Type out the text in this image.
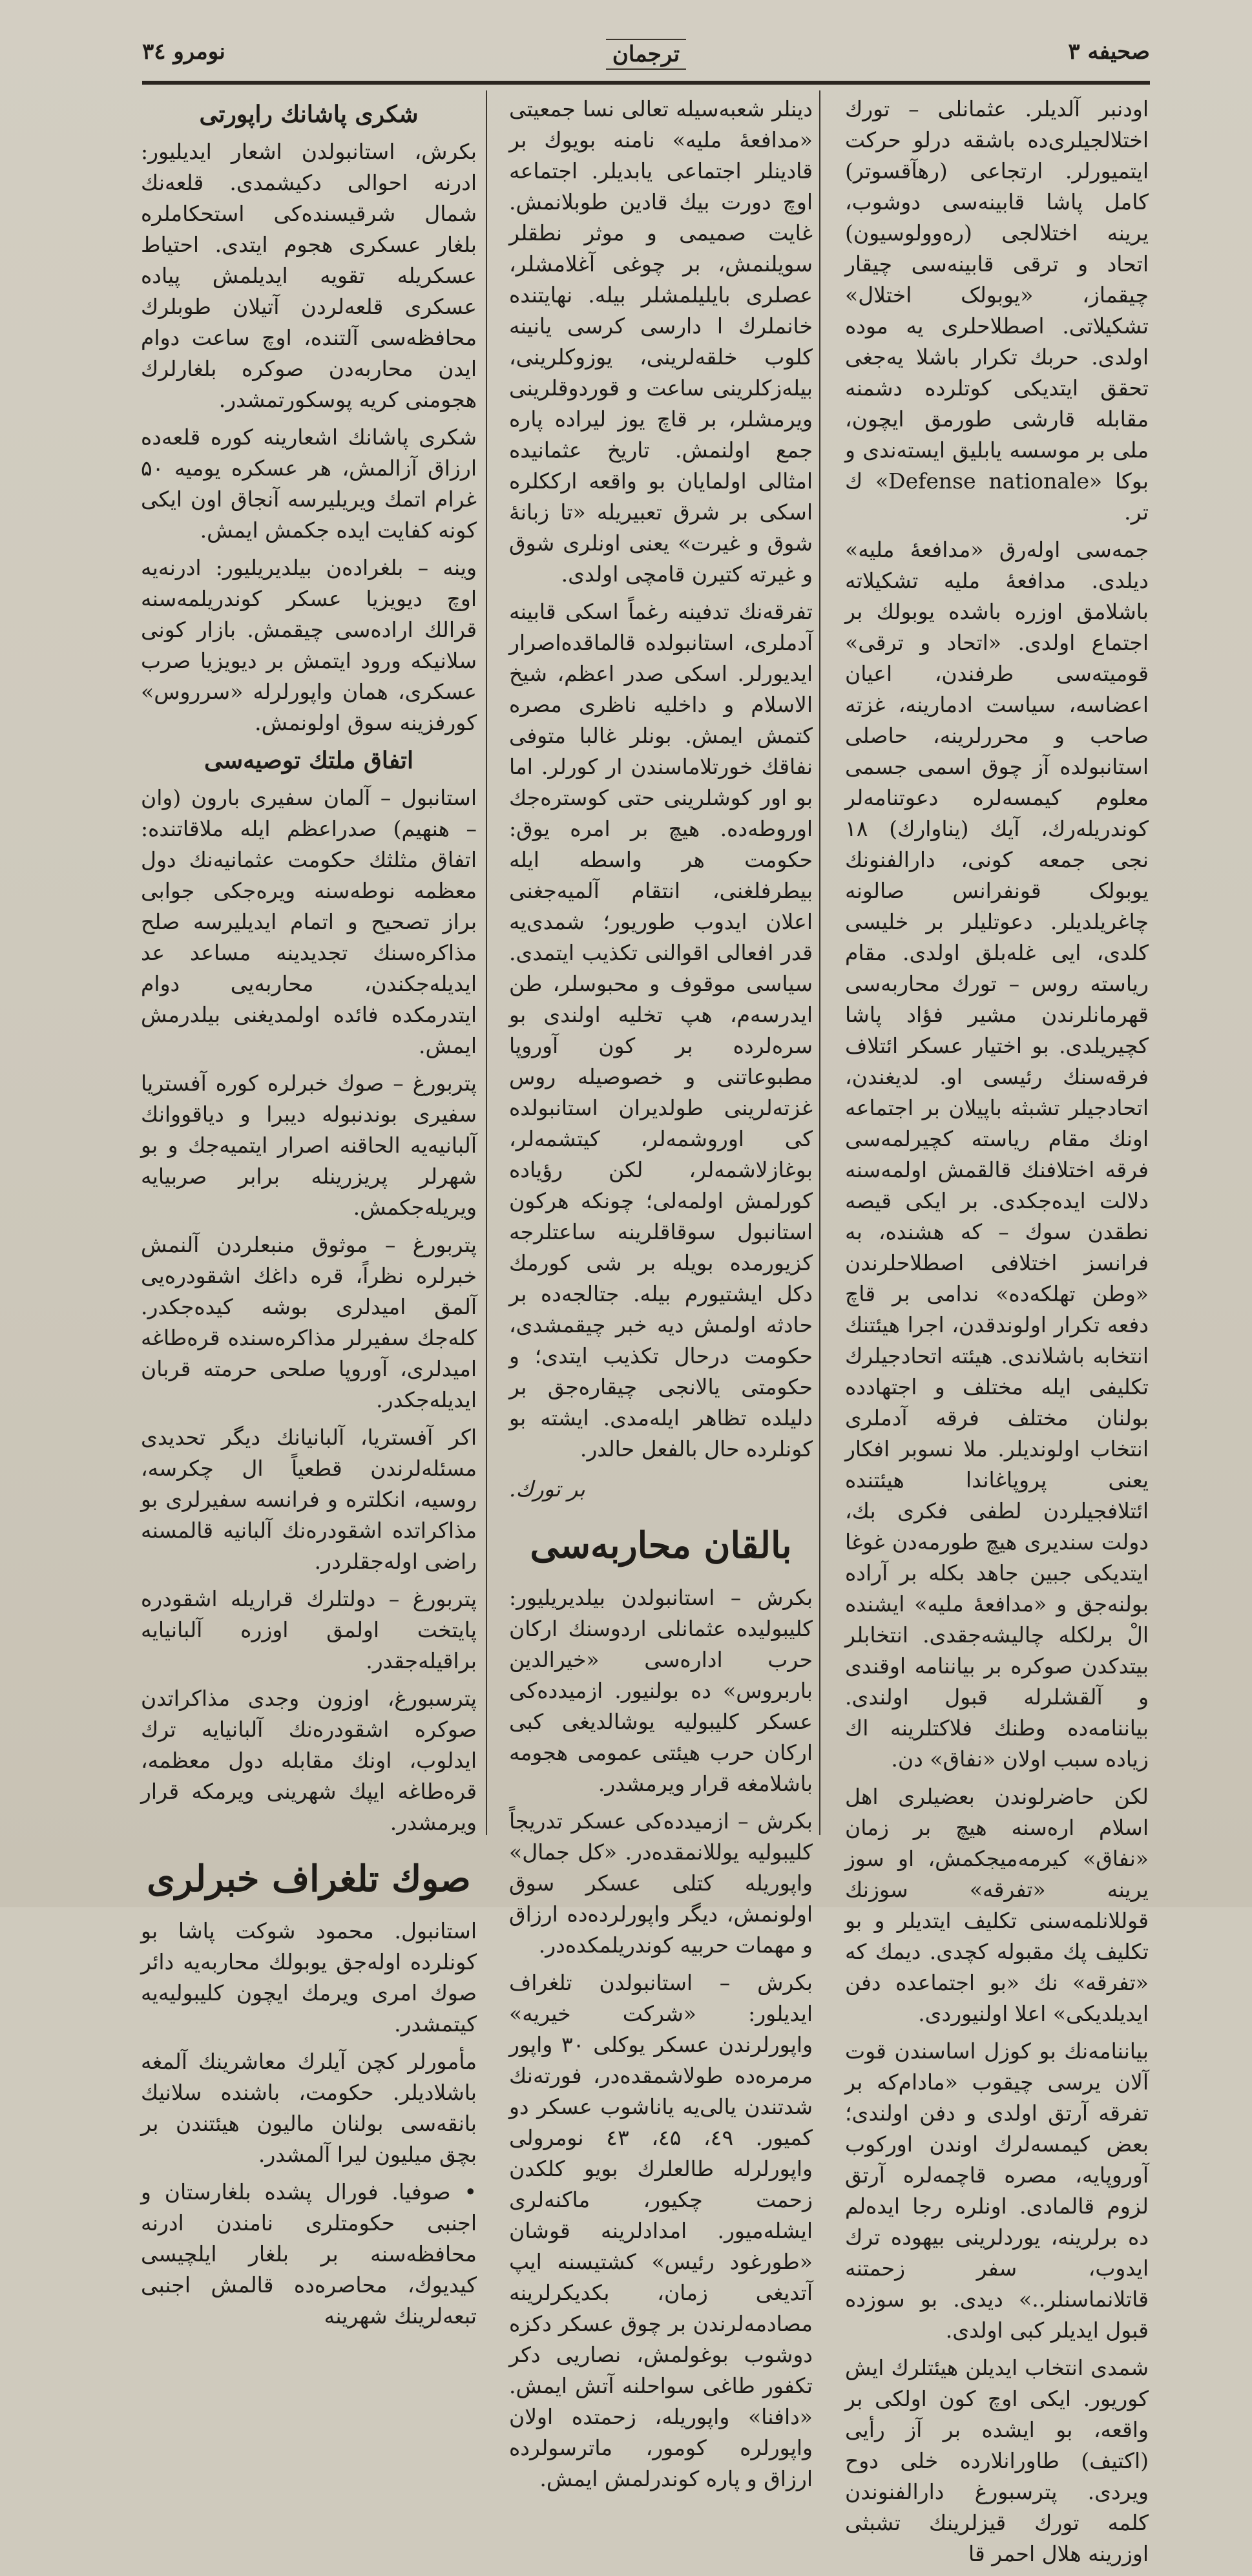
صحیفه ۳
ترجمان
نومرو ۳٤

اودنبر آلدیلر. عثمانلی – تورك اختلالجیلری‌ده باشقه درلو حرکت ایتمیورلر. ارتجاعی (رهآقسوتر) کامل پاشا قابینه‌سی دوشوب، یرینه اختلالجی (رەوولوسیون) اتحاد و ترقی قابینه‌سی چیقار چیقماز، «یوبولک اختلال» تشکیلاتی. اصطلاحلری یه موده اولدی. حربك تکرار باشلا یه‌جغی تحقق ایتدیکی کوتلرده دشمنه مقابله قارشی طورمق ایچون، ملی بر موسسه یابلیق ایسته‌ندی و بوکا «Defense nationale» ك تر.

جمه‌سی اولەرق «مدافعهٔ ملیه» دیلدی. مدافعهٔ ملیه تشکیلاته باشلامق اوزره باشده یوبولك بر اجتماع اولدی. «اتحاد و ترقی» قومیته‌سی طرفندن، اعیان اعضاسه، سیاست ادمارینه، غزته صاحب و محررلرینه، حاصلی استانبولده آز چوق اسمی جسمی معلوم کیمسەلره دعوتنامەلر کوندریلەرك، آیك (یناوارك) ۱۸ نجی جمعه کونی، دارالفنونك یوبولک قونفرانس صالونه چاغریلدیلر. دعوتلیلر بر خلیسی کلدی، ایی غلەبلق اولدی. مقام ریاسته روس – تورك محاربەسی قهرمانلرندن مشیر فؤاد پاشا کچیریلدی. بو اختیار عسکر ائتلاف فرقەسنك رئیسی او. لدیغندن، اتحادجیلر تشبثه باپیلان بر اجتماعه اونك مقام ریاسته کچیرلمه‌سی فرقه اختلافنك قالقمش اولمەسنه دلالت ایدەجکدی. بر ایکی قیصه نطقدن سوك – که هشنده، به فرانسز اختلافی اصطلاحلرندن «وطن تهلکه‌ده» ندامی بر قاچ دفعه تکرار اولوندقدن، اجرا هیئتنك انتخابه باشلاندی. هیئته اتحادجیلرك تکلیفی ایله مختلف و اجتهادده بولنان مختلف فرقه آدملری انتخاب اولوندیلر. ملا نسوبر افکار یعنی پروپاغاندا هیئتنده ائتلافجیلردن لطفی فکری بك، دولت سندیری هیچ طورمەدن غوغا ایتدیکی جبین جاهد بکله بر آرادە بولنەجق و «مدافعهٔ ملیه» ایشنده الْ برلکله چالیشه‌جقدی. انتخابلر بیتدکدن صوکره بر بیاننامه اوقندی و آلقشلرله قبول اولندی. بیاننامه‌ده وطنك فلاکتلرینه اك زیاده سبب اولان «نفاق» دن.

لکن حاضرلوندن بعضیلری اهل اسلام ارەسنه هیچ بر زمان «نفاق» کیرمه‌میجکمش، او سوز یرینه «تفرقه» سوزنك قوللانلمەسنی تکلیف ایتدیلر و بو تکلیف پك مقبوله کچدی. دیمك که «تفرقه» نك «بو اجتماعده دفن ایدیلدیکی» اعلا اولنیوردی.

بیاننامەنك بو کوزل اساسندن قوت آلان یرسی چیقوب «مادام‌که بر تفرقه آرتق اولدی و دفن اولندی؛ بعض کیمسەلرك اوندن اورکوب آوروپایه، مصره قاچمەلره آرتق لزوم قالمادی. اونلره رجا ایدەلم ده برلرینه، یوردلرینی بیهوده ترك ایدوب، سفر زحمتنه قاتلانماسنلر..» دیدی. بو سوزده قبول ایدیلر کبی اولدی.

شمدی انتخاب ایدیلن هیئتلرك ایش کوریور. ایکی اوچ کون اولکی بر واقعه، بو ایشده بر آز رأیی (اکتیف) طاورانلارده خلی دوح ویردی. پترسبورغ دارالفنوندن کلمه تورك قیزلرینك تشبثی اوزرینه هلال احمر قا

دینلر شعبەسیله تعالی نسا جمعیتی «مدافعهٔ ملیه» نامنه بویوك بر قادینلر اجتماعی یابدیلر. اجتماعه اوچ دورت بیك قادین طوبلانمش. غایت صمیمی و موثر نطقلر سویلنمش، بر چوغی آغلامشلر، عصلری بایلیلمشلر بیله. نهایتنده خانملرك ا دارسی کرسی یانینه کلوب خلقەلرینی، یوزوکلرینی، بیلەزکلرینی ساعت و قوردوقلرینی ویرمشلر، بر قاچ یوز لیرادە پاره جمع اولنمش. تاریخ عثمانیده امثالی اولمایان بو واقعه ارککلره اسکی بر شرق تعبیریله «تا زبانهٔ شوق و غیرت» یعنی اونلری شوق و غیرته کتیرن قامچی اولدی.

تفرقەنك تدفینه رغماً اسکی قابینه آدملری، استانبولده قالماقده‌اصرار ایدیورلر. اسکی صدر اعظم، شیخ الاسلام و داخلیه ناظری مصره کتمش ایمش. بونلر غالبا متوفی نفاقك خورتلاماسندن ار کورلر. اما بو اور کوشلرینی حتی کوستره‌جك اوروطه‌ده. هیچ بر امره یوق: حکومت هر واسطه ایله بیطرفلغنی، انتقام آلمیه‌جغنی اعلان ایدوب طوریور؛ شمدی‌یه قدر افعالی اقوالنی تکذیب ایتمدی. سیاسی موقوف و محبوسلر، طن ایدرسەم، هپ تخلیه اولندی بو سرەلرده بر کون آوروپا مطبوعاتنی و خصوصیله روس غزته‌لرینی طولدیران استانبولده کی اوروشمەلر، کیتشمەلر، بوغازلاشمەلر، لکن رؤیاده کورلمش اولمەلی؛ چونکه هرکون استانبول سوقاقلرینه ساعتلرجه کزیورمده بویله بر شی کورمك دکل ایشتیورم بیله. جتالجه‌ده بر حادثه اولمش دیه خبر چیقمشدی، حکومت درحال تکذیب ایتدی؛ و حکومتی یالانجی چیقارەجق بر دلیلده تظاهر ایله‌مدی. ایشته بو کونلرده حال بالفعل حالدر.

بر تورك.
بالقان محاربەسی

بکرش – استانبولدن بیلدیریلیور: کلیبولیده عثمانلی اردوسنك ارکان حرب ادارەسی «خیرالدین باربروس» ده بولنیور. ازمیدده‌کی عسکر کلیبولیه یوشالدیغی کبی ارکان حرب هیئتی عمومی هجومه باشلامغه قرار ویرمشدر.

بکرش – ازمیدده‌کی عسکر تدریجاً کلیبولیه یوللانمقده‌در. «کل جمال» واپوریله کتلی عسکر سوق اولونمش، دیگر واپورلرده‌ده ارزاق و مهمات حربیه کوندریلمکده‌در.

بکرش – استانبولدن تلغراف ایدیلور: «شرکت خیریه» واپورلرندن عسکر یوکلی ۳۰ واپور مرمره‌ده طولاشمقده‌در، فورته‌نك شدتندن یالی‌یه یاناشوب عسکر دو کمیور. ٤۹، ٤۵، ٤۳ نومرولی واپورلرله طالعلرك بویو کلکدن زحمت چکیور، ماکنەلری ایشله‌میور. امدادلرینه قوشان «طورغود رئیس» کشتیسنه ایپ آتدیغی زمان، بکدیکرلرینه مصادمه‌لرندن بر چوق عسکر دکزه دوشوب بوغولمش، نصاریی دکر تکفور طاغی سواحلنه آتش ایمش. «دافنا» واپوریله، زحمتده اولان واپورلره کومور، ماترسولرده ارزاق و پاره کوندرلمش ایمش.

شکری پاشانك راپورتی

بکرش، استانبولدن اشعار ایدیلیور: ادرنه احوالی دکیشمدی. قلعه‌نك شمال شرقیسنده‌کی استحکاملره بلغار عسکری هجوم ایتدی. احتیاط عسکریله تقویه ایدیلمش پیاده عسکری قلعەلردن آتیلان طوبلرك محافظەسی آلتنده، اوچ ساعت دوام ایدن محاربەدن صوکره بلغارلرك هجومنی کریه پوسکورتمشدر.

شکری پاشانك اشعارینه کوره قلعه‌ده ارزاق آزالمش، هر عسکره یومیه ۵۰ غرام اتمك ویریلیرسه آنجاق اون ایکی کونه کفایت ایده جکمش ایمش.

وینه – بلغرادەن بیلدیریلیور: ادرنه‌یه اوچ دیویزیا عسکر کوندریلمەسنه قرالك ارادەسی چیقمش. بازار کونی سلانیکه ورود ایتمش بر دیویزیا صرب عسکری، همان واپورلرله «سرروس» کورفزینه سوق اولونمش.

اتفاق ملتك توصیه‌سی

استانبول – آلمان سفیری بارون (وان – هنهیم) صدراعظم ایله ملاقاتنده: اتفاق مثلثك حکومت عثمانیه‌نك دول معظمه نوطەسنه ویره‌جکی جوابی براز تصحیح و اتمام ایدیلیرسه صلح مذاکرەسنك تجدیدینه مساعد عد ایدیلەجکندن، محاربه‌یی دوام ایتدرمکده فائده اولمدیغنی بیلدرمش ایمش.

پتربورغ – صوك خبرلره کوره آفستریا سفیری بوندنبوله دیبرا و دیاقووانك آلبانیه‌یه الحاقنه اصرار ایتمیه‌جك و بو شهرلر پریزرینله برابر صربیایه ویریلەجکمش.

پتربورغ – موثوق منبعلردن آلنمش خبرلره نظراً، قره داغك اشقودرەیی آلمق امیدلری بوشه کیده‌جکدر. کلەجك سفیرلر مذاکرەسنده قره‌طاغه امیدلری، آوروپا صلحی حرمته قربان ایدیلەجکدر.

اکر آفستریا، آلبانیانك دیگر تحدیدی مسئلەلرندن قطعیاً ال چکرسه، روسیه، انکلتره و فرانسه سفیرلری بو مذاکراتده اشقودرەنك آلبانیه قالمسنه راضی اولەجقلردر.

پتربورغ – دولتلرك قراریله اشقودره پایتخت اولمق اوزره آلبانیایه براقیلەجقدر.

پترسبورغ، اوزون وجدی مذاکراتدن صوکره اشقودرەنك آلبانیایه ترك ایدلوب، اونك مقابله دول معظمه، قره‌طاغه ایپك شهرینی ویرمکه قرار ویرمشدر.

صوك تلغراف خبرلری

استانبول. محمود شوکت پاشا بو کونلرده اولەجق یوبولك محاربه‌یه دائر صوك امری ویرمك ایچون کلیبولیه‌یه کیتمشدر.

مأمورلر کچن آیلرك معاشرینك آلمغه باشلادیلر. حکومت، باشنده سلانیك بانقەسی بولنان مالیون هیئتندن بر بچق میلیون لیرا آلمشدر.

• صوفیا. فورال پشده بلغارستان و اجنبی حکومتلری نامندن ادرنه محافظه‌سنه بر بلغار ایلچیسی کیدیوك، محاصره‌ده قالمش اجنبی تبعەلرینك شهرینه
